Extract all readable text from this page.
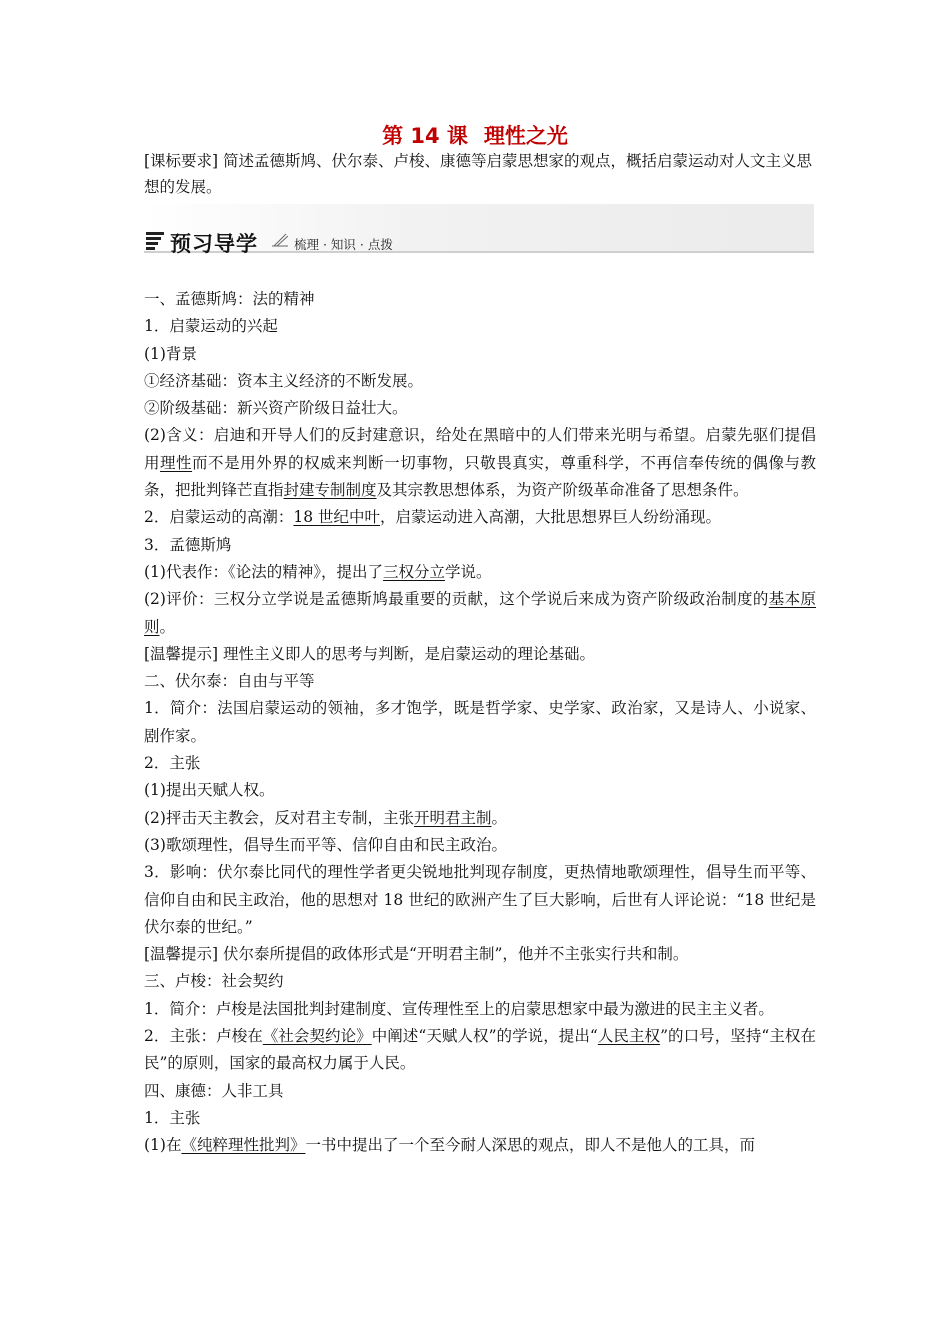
第 14 课 理性之光
[课标要求] 简述孟德斯鸠、伏尔泰、卢梭、康德等启蒙思想家的观点，概括启蒙运动对人文主义思想的发展。
预习导学	梳理 · 知识 · 点拨

一、孟德斯鸠：法的精神

1．启蒙运动的兴起

(1)背景

①经济基础：资本主义经济的不断发展。

②阶级基础：新兴资产阶级日益壮大。

(2)含义：启迪和开导人们的反封建意识，给处在黑暗中的人们带来光明与希望。启蒙先驱们提倡用理性而不是用外界的权威来判断一切事物，只敬畏真实，尊重科学，不再信奉传统的偶像与教条，把批判锋芒直指封建专制制度及其宗教思想体系，为资产阶级革命准备了思想条件。

2．启蒙运动的高潮：18 世纪中叶，启蒙运动进入高潮，大批思想界巨人纷纷涌现。

3．孟德斯鸠

(1)代表作：《论法的精神》，提出了三权分立学说。

(2)评价：三权分立学说是孟德斯鸠最重要的贡献，这个学说后来成为资产阶级政治制度的基本原则。

[温馨提示] 理性主义即人的思考与判断，是启蒙运动的理论基础。

二、伏尔泰：自由与平等

1．简介：法国启蒙运动的领袖，多才饱学，既是哲学家、史学家、政治家，又是诗人、小说家、剧作家。

2．主张

(1)提出天赋人权。

(2)抨击天主教会，反对君主专制，主张开明君主制。

(3)歌颂理性，倡导生而平等、信仰自由和民主政治。

3．影响：伏尔泰比同代的理性学者更尖锐地批判现存制度，更热情地歌颂理性，倡导生而平等、信仰自由和民主政治，他的思想对 18 世纪的欧洲产生了巨大影响，后世有人评论说：“18 世纪是伏尔泰的世纪。”

[温馨提示] 伏尔泰所提倡的政体形式是“开明君主制”，他并不主张实行共和制。

三、卢梭：社会契约

1．简介：卢梭是法国批判封建制度、宣传理性至上的启蒙思想家中最为激进的民主主义者。

2．主张：卢梭在《社会契约论》中阐述“天赋人权”的学说，提出“人民主权”的口号，坚持“主权在民”的原则，国家的最高权力属于人民。

四、康德：人非工具

1．主张

(1)在《纯粹理性批判》一书中提出了一个至今耐人深思的观点，即人不是他人的工具，而
